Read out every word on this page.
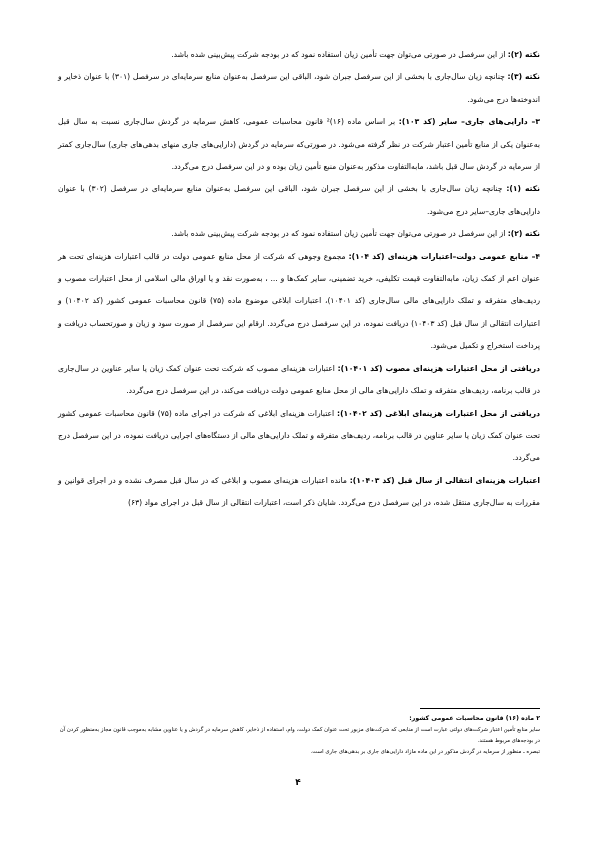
نکته (۲): از این سرفصل در صورتی می‌توان جهت تأمین زیان استفاده نمود که در بودجه شرکت پیش‌بینی شده باشد.

نکته (۳): چنانچه زیان سال‌جاری با بخشی از این سرفصل جبران شود، الباقی این سرفصل به‌عنوان منابع سرمایه‌ای در سرفصل (۳۰۱) با عنوان ذخایر و اندوخته‌ها درج می‌شود.

۳– دارایی‌های جاری– سایر (کد ۱۰۳): بر اساس ماده (۱۶)² قانون محاسبات عمومی، کاهش سرمایه در گردش سال‌جاری نسبت به سال قبل به‌عنوان یکی از منابع تأمین اعتبار شرکت در نظر گرفته می‌شود. در صورتی‌که سرمایه در گردش (دارایی‌های جاری منهای بدهی‌های جاری) سال‌جاری کمتر از سرمایه در گردش سال قبل باشد، مابه‌التفاوت مذکور به‌عنوان منبع تأمین زیان بوده و در این سرفصل درج می‌گردد.

نکته (۱): چنانچه زیان سال‌جاری با بخشی از این سرفصل جبران شود، الباقی این سرفصل به‌عنوان منابع سرمایه‌ای در سرفصل (۳۰۲) با عنوان دارایی‌های جاری–سایر درج می‌شود.

نکته (۲): از این سرفصل در صورتی می‌توان جهت تأمین زیان استفاده نمود که در بودجه شرکت پیش‌بینی شده باشد.

۴– منابع عمومی دولت–اعتبارات هزینه‌ای (کد ۱۰۴): مجموع وجوهی که شرکت از محل منابع عمومی دولت در قالب اعتبارات هزینه‌ای تحت هر عنوان اعم از کمک زیان، مابه‌التفاوت قیمت تکلیفی، خرید تضمینی، سایر کمک‌ها و ... ، به‌صورت نقد و یا اوراق مالی اسلامی از محل اعتبارات مصوب و ردیف‌های متفرقه و تملک دارایی‌های مالی سال‌جاری (کد ۱۰۴۰۱)، اعتبارات ابلاغی موضوع ماده (۷۵) قانون محاسبات عمومی کشور (کد ۱۰۴۰۲) و اعتبارات انتقالی از سال قبل (کد ۱۰۴۰۳) دریافت نموده، در این سرفصل درج می‌گردد. ارقام این سرفصل از صورت سود و زیان و صورتحساب دریافت و پرداخت استخراج و تکمیل می‌شود.

دریافتی از محل اعتبارات هزینه‌ای مصوب (کد ۱۰۴۰۱): اعتبارات هزینه‌ای مصوب که شرکت تحت عنوان کمک زیان یا سایر عناوین در سال‌جاری در قالب برنامه، ردیف‌های متفرقه و تملک دارایی‌های مالی از محل منابع عمومی دولت دریافت می‌کند، در این سرفصل درج می‌گردد.

دریافتی از محل اعتبارات هزینه‌ای ابلاغی (کد ۱۰۴۰۲): اعتبارات هزینه‌ای ابلاغی که شرکت در اجرای ماده (۷۵) قانون محاسبات عمومی کشور تحت عنوان کمک زیان یا سایر عناوین در قالب برنامه، ردیف‌های متفرقه و تملک دارایی‌های مالی از دستگاه‌های اجرایی دریافت نموده، در این سرفصل درج می‌گردد.

اعتبارات هزینه‌ای انتقالی از سال قبل (کد ۱۰۴۰۳): مانده اعتبارات هزینه‌ای مصوب و ابلاغی که در سال قبل مصرف نشده و در اجرای قوانین و مقررات به سال‌جاری منتقل شده، در این سرفصل درج می‌گردد. شایان ذکر است، اعتبارات انتقالی از سال قبل در اجرای مواد (۶۳)

۲ ماده (۱۶) قانون محاسبات عمومی کشور:

سایر منابع تأمین اعتبار شرکت‌های دولتی عبارت است از منابعی که شرکت‌های مزبور تحت عنوان کمک دولت، وام، استفاده از ذخایر، کاهش سرمایه در گردش و یا عناوین مشابه به‌موجب قانون مجاز به‌منظور کردن آن در بودجه‌های مربوط هستند.

تبصره ـ منظور از سرمایه در گردش مذکور در این ماده مازاد دارایی‌های جاری بر بدهی‌های جاری است.

۴
